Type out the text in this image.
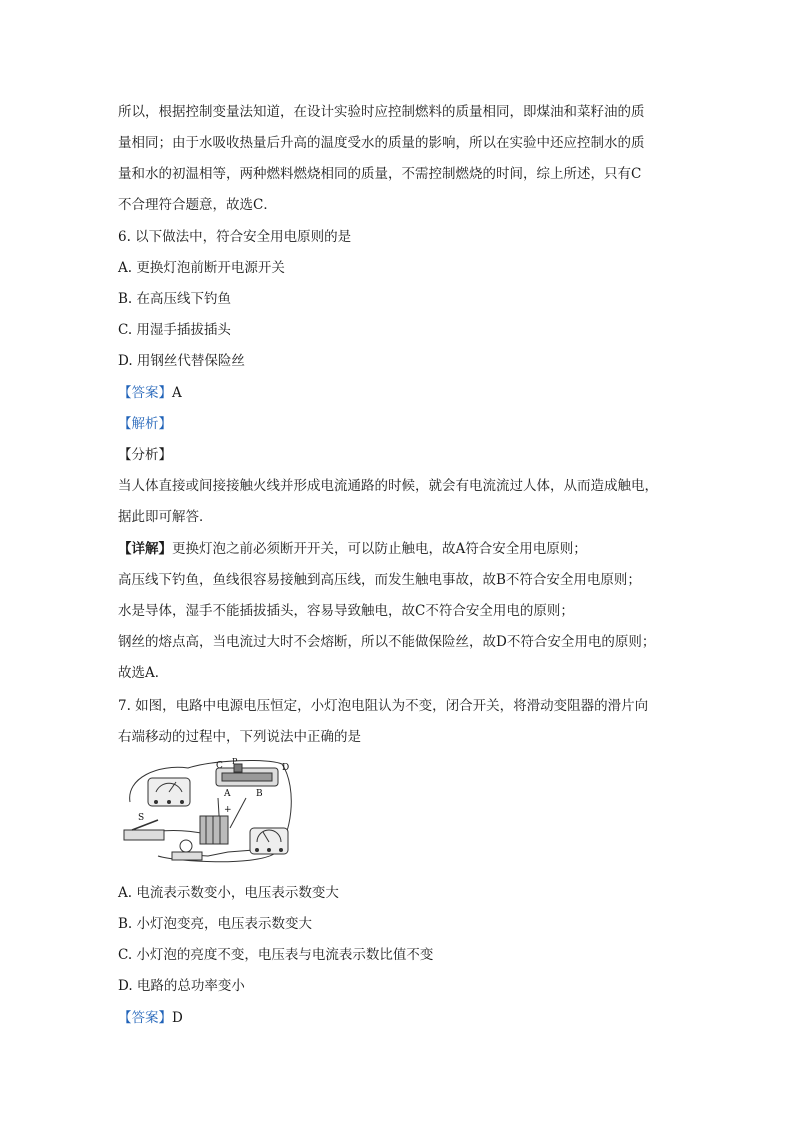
所以，根据控制变量法知道，在设计实验时应控制燃料的质量相同，即煤油和菜籽油的质
量相同；由于水吸收热量后升高的温度受水的质量的影响，所以在实验中还应控制水的质
量和水的初温相等，两种燃料燃烧相同的质量，不需控制燃烧的时间，综上所述，只有C
不合理符合题意，故选C．
6. 以下做法中，符合安全用电原则的是
A. 更换灯泡前断开电源开关
B. 在高压线下钓鱼
C. 用湿手插拔插头
D. 用钢丝代替保险丝
【答案】A
【解析】
【分析】
当人体直接或间接接触火线并形成电流通路的时候，就会有电流流过人体，从而造成触电，
据此即可解答．
【详解】更换灯泡之前必须断开开关，可以防止触电，故A符合安全用电原则；
高压线下钓鱼，鱼线很容易接触到高压线，而发生触电事故，故B不符合安全用电原则；
水是导体，湿手不能插拔插头，容易导致触电，故C不符合安全用电的原则；
钢丝的熔点高，当电流过大时不会熔断，所以不能做保险丝，故D不符合安全用电的原则；
故选A．
7. 如图，电路中电源电压恒定，小灯泡电阻认为不变，闭合开关，将滑动变阻器的滑片向
右端移动的过程中，下列说法中正确的是
C	D
P
A	B
+
S
A. 电流表示数变小，电压表示数变大
B. 小灯泡变亮，电压表示数变大
C. 小灯泡的亮度不变，电压表与电流表示数比值不变
D. 电路的总功率变小
【答案】D
